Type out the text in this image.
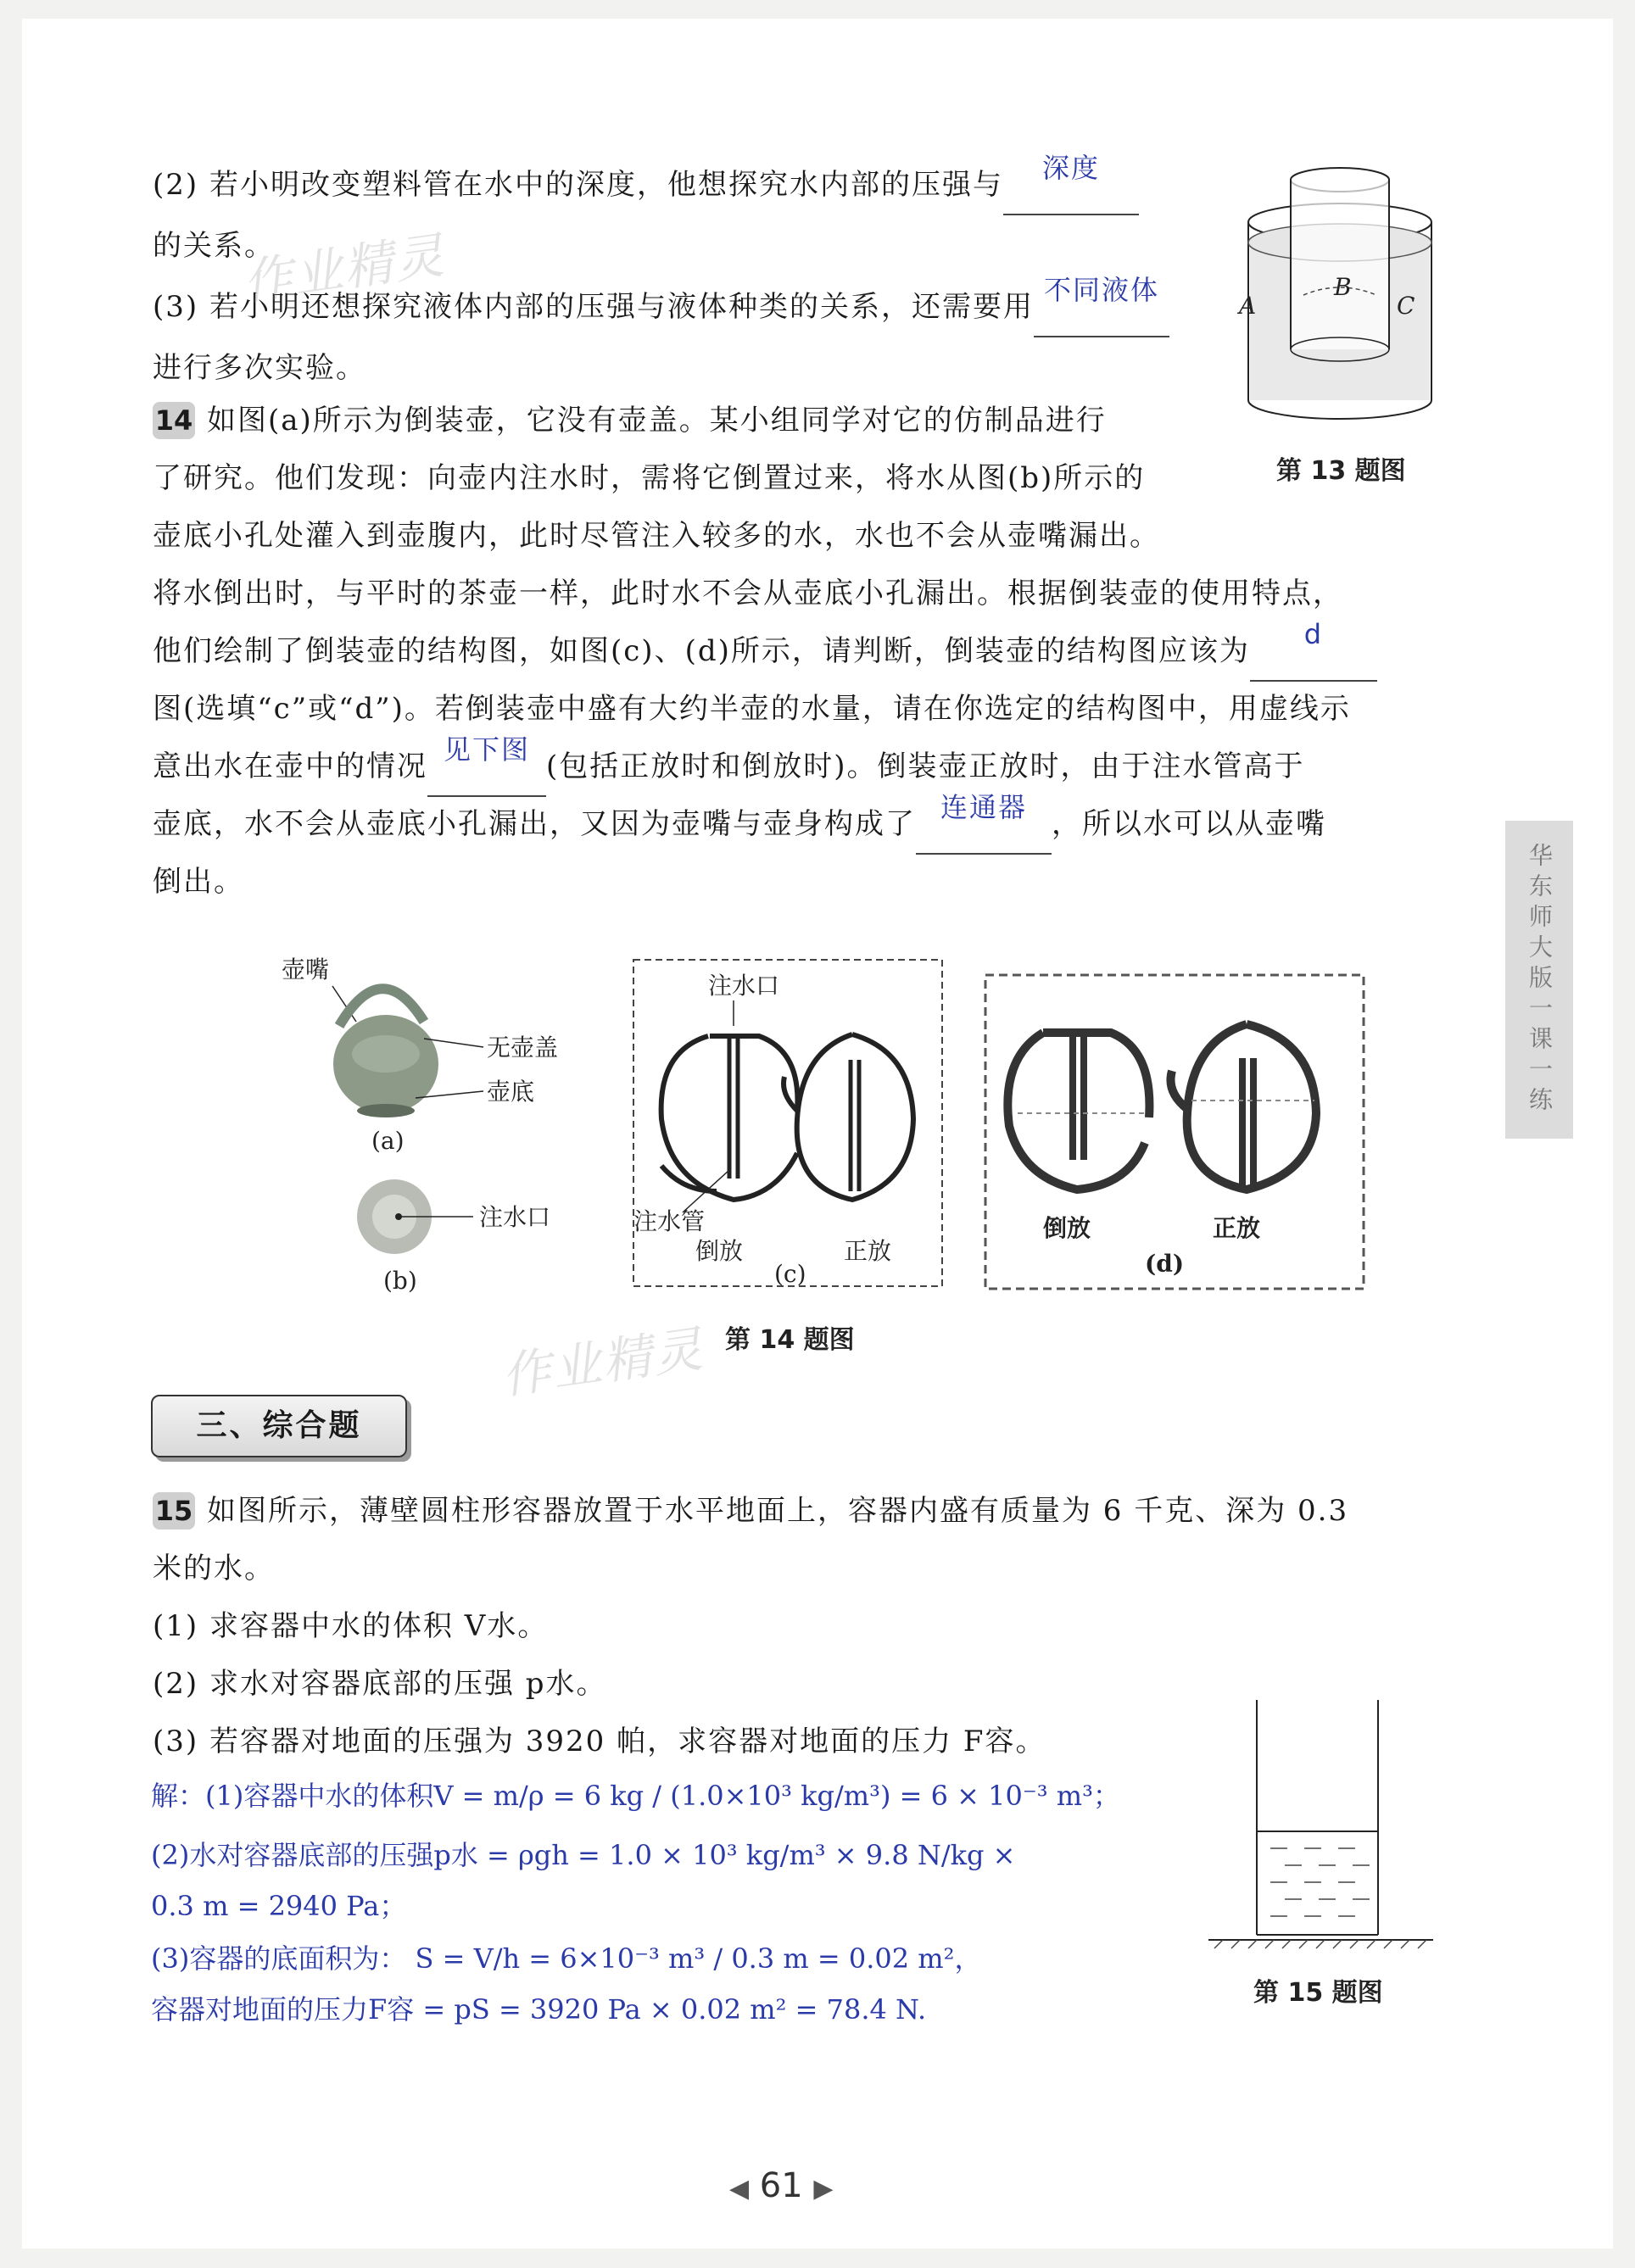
(2) 若小明改变塑料管在水中的深度，他想探究水内部的压强与 深度
的关系。
(3) 若小明还想探究液体内部的压强与液体种类的关系，还需要用 不同液体
进行多次实验。
A
B
C
第 13 题图
14 如图(a)所示为倒装壶，它没有壶盖。某小组同学对它的仿制品进行
了研究。他们发现：向壶内注水时，需将它倒置过来，将水从图(b)所示的
壶底小孔处灌入到壶腹内，此时尽管注入较多的水，水也不会从壶嘴漏出。
将水倒出时，与平时的茶壶一样，此时水不会从壶底小孔漏出。根据倒装壶的使用特点，
他们绘制了倒装壶的结构图，如图(c)、(d)所示，请判断，倒装壶的结构图应该为 d
图(选填“c”或“d”)。若倒装壶中盛有大约半壶的水量，请在你选定的结构图中，用虚线示
意出水在壶中的情况 见下图 (包括正放时和倒放时)。倒装壶正放时，由于注水管高于
壶底，水不会从壶底小孔漏出，又因为壶嘴与壶身构成了 连通器 ，所以水可以从壶嘴
倒出。
壶嘴
无壶盖
壶底
(a)
注水口
(b)
注水口
注水管
倒放	正放
(c)
倒放	正放
(d)
第 14 题图
三、综合题
15 如图所示，薄壁圆柱形容器放置于水平地面上，容器内盛有质量为 6 千克、深为 0.3
米的水。
(1) 求容器中水的体积 V水。
(2) 求水对容器底部的压强 p水。
(3) 若容器对地面的压强为 3920 帕，求容器对地面的压力 F容。
解：(1)容器中水的体积V = m/ρ = 6 kg / (1.0×10³ kg/m³) = 6 × 10⁻³ m³；
(2)水对容器底部的压强p水 = ρgh = 1.0 × 10³ kg/m³ × 9.8 N/kg ×
0.3 m = 2940 Pa；
(3)容器的底面积为： S = V/h = 6×10⁻³ m³ / 0.3 m = 0.02 m²，
容器对地面的压力F容 = pS = 3920 Pa × 0.02 m² = 78.4 N.
第 15 题图
华东师大版一课一练
作业精灵
作业精灵
◀ 61 ▶
